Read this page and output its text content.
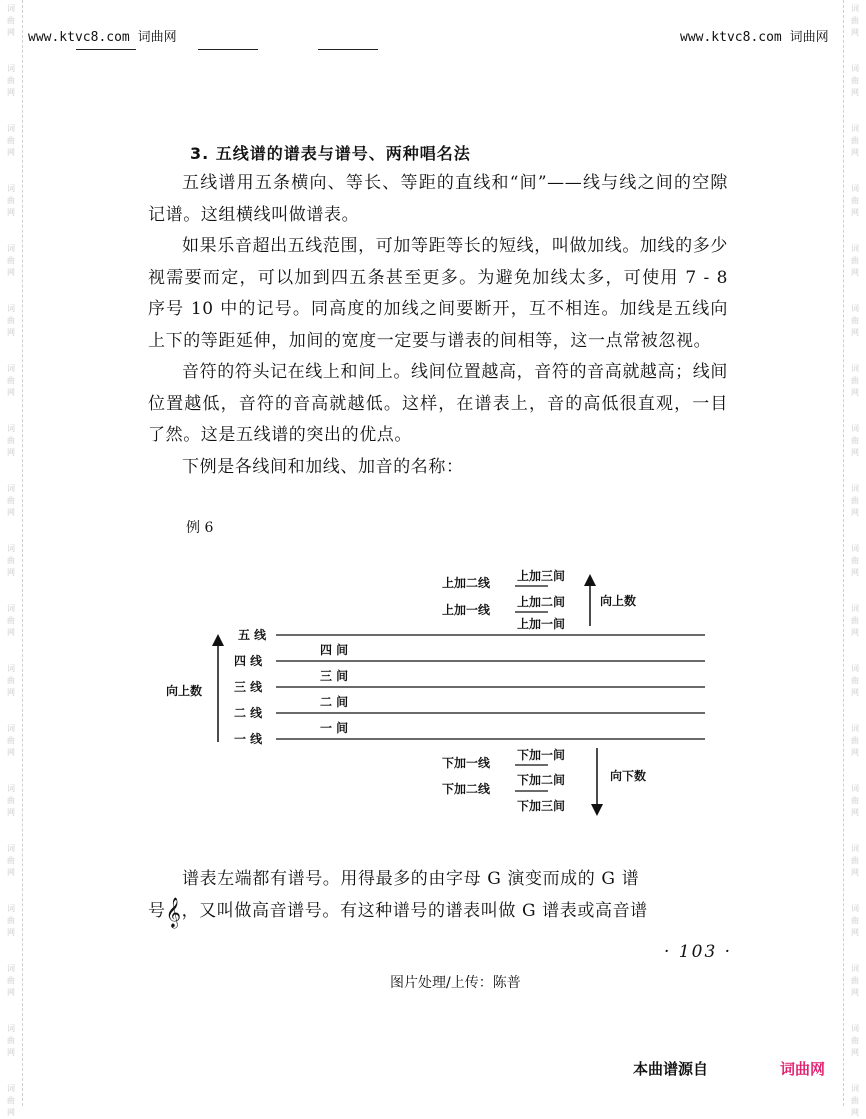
词
曲
网
词
曲
网
词
曲
网
词
曲
网
词
曲
网
词
曲
网
词
曲
网
词
曲
网
词
曲
网
词
曲
网
词
曲
网
词
曲
网
词
曲
网
词
曲
网
词
曲
网
词
曲
网
词
曲
网
词
曲
网
词
曲
网
词
曲
网
词
曲
网
词
曲
网
词
曲
网
词
曲
网
词
曲
网
词
曲
网
词
曲
网
词
曲
网
词
曲
网
词
曲
网
词
曲
网
词
曲
网
词
曲
网
词
曲
网
词
曲
网
词
曲
网
词
曲
网
词
曲
网
www.ktvc8.com 词曲网	www.ktvc8.com 词曲网
3. 五线谱的谱表与谱号、两种唱名法

五线谱用五条横向、等长、等距的直线和“间”——线与线之间的空隙记谱。这组横线叫做谱表。

如果乐音超出五线范围，可加等距等长的短线，叫做加线。加线的多少视需要而定，可以加到四五条甚至更多。为避免加线太多，可使用 7 - 8 序号 10 中的记号。同高度的加线之间要断开，互不相连。加线是五线向上下的等距延伸，加间的宽度一定要与谱表的间相等，这一点常被忽视。

音符的符头记在线上和间上。线间位置越高，音符的音高就越高；线间位置越低，音符的音高就越低。这样，在谱表上，音的高低很直观，一目了然。这是五线谱的突出的优点。

下例是各线间和加线、加音的名称：

例 6
上加二线
上加一线
上加三间
上加二间
上加一间
向上数
五 线
四 线
三 线
二 线
一 线
四 间
三 间
二 间
一 间
向上数
下加一线
下加二线
下加一间
下加二间
下加三间
向下数

谱表左端都有谱号。用得最多的由字母 G 演变而成的 G 谱

号𝄞，又叫做高音谱号。有这种谱号的谱表叫做 G 谱表或高音谱

· 103 ·
图片处理/上传：陈普
本曲谱源自	词曲网
